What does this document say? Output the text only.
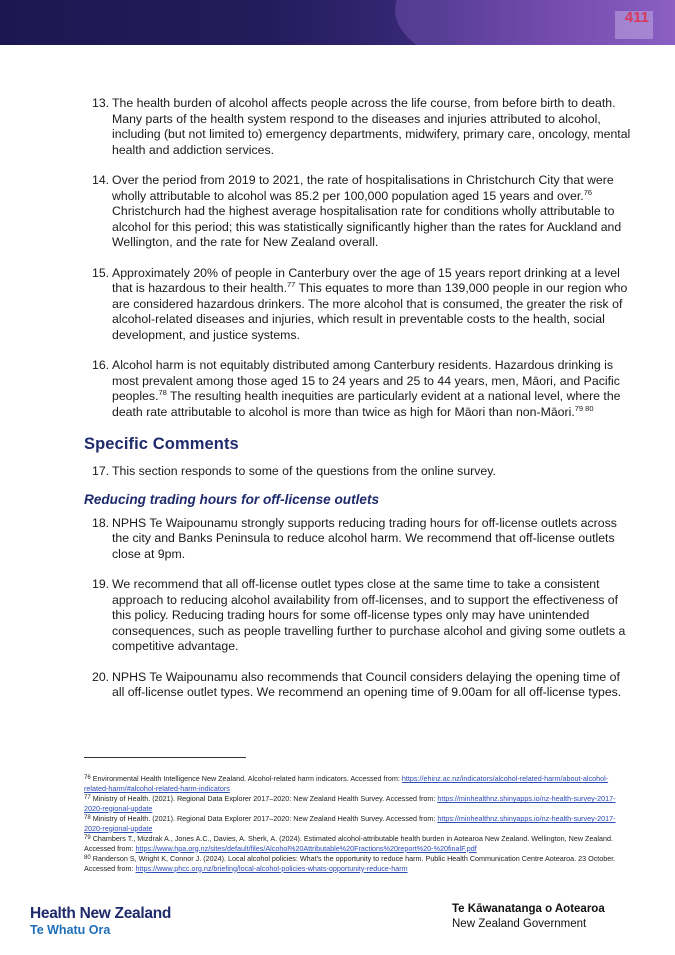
411
13. The health burden of alcohol affects people across the life course, from before birth to death. Many parts of the health system respond to the diseases and injuries attributed to alcohol, including (but not limited to) emergency departments, midwifery, primary care, oncology, mental health and addiction services.
14. Over the period from 2019 to 2021, the rate of hospitalisations in Christchurch City that were wholly attributable to alcohol was 85.2 per 100,000 population aged 15 years and over.$^{76}$ Christchurch had the highest average hospitalisation rate for conditions wholly attributable to alcohol for this period; this was statistically significantly higher than the rates for Auckland and Wellington, and the rate for New Zealand overall.
15. Approximately 20% of people in Canterbury over the age of 15 years report drinking at a level that is hazardous to their health.$^{77}$ This equates to more than 139,000 people in our region who are considered hazardous drinkers. The more alcohol that is consumed, the greater the risk of alcohol-related diseases and injuries, which result in preventable costs to the health, social development, and justice systems.
16. Alcohol harm is not equitably distributed among Canterbury residents. Hazardous drinking is most prevalent among those aged 15 to 24 years and 25 to 44 years, men, Māori, and Pacific peoples.$^{78}$ The resulting health inequities are particularly evident at a national level, where the death rate attributable to alcohol is more than twice as high for Māori than non-Māori.$^{79 80}$
Specific Comments
17. This section responds to some of the questions from the online survey.
Reducing trading hours for off-license outlets
18. NPHS Te Waipounamu strongly supports reducing trading hours for off-license outlets across the city and Banks Peninsula to reduce alcohol harm. We recommend that off-license outlets close at 9pm.
19. We recommend that all off-license outlet types close at the same time to take a consistent approach to reducing alcohol availability from off-licenses, and to support the effectiveness of this policy. Reducing trading hours for some off-license types only may have unintended consequences, such as people travelling further to purchase alcohol and giving some outlets a competitive advantage.
20. NPHS Te Waipounamu also recommends that Council considers delaying the opening time of all off-license outlet types. We recommend an opening time of 9.00am for all off-license types.
$^{76}$ Environmental Health Intelligence New Zealand. Alcohol-related harm indicators. Accessed from: https://ehinz.ac.nz/indicators/alcohol-related-harm/about-alcohol-related-harm/#alcohol-related-harm-indicators
$^{77}$ Ministry of Health. (2021). Regional Data Explorer 2017–2020: New Zealand Health Survey. Accessed from: https://minhealthnz.shinyapps.io/nz-health-survey-2017-2020-regional-update
$^{78}$ Ministry of Health. (2021). Regional Data Explorer 2017–2020: New Zealand Health Survey. Accessed from: https://minhealthnz.shinyapps.io/nz-health-survey-2017-2020-regional-update
$^{79}$ Chambers T., Mizdrak A., Jones A.C., Davies, A. Sherk, A. (2024). Estimated alcohol-attributable health burden in Aotearoa New Zealand. Wellington, New Zealand. Accessed from: https://www.hpa.org.nz/sites/default/files/Alcohol%20Attributable%20Fractions%20report%20-%20finalF.pdf
$^{80}$ Randerson S, Wright K, Connor J. (2024). Local alcohol policies: What's the opportunity to reduce harm. Public Health Communication Centre Aotearoa. 23 October. Accessed from: https://www.phcc.org.nz/briefing/local-alcohol-policies-whats-opportunity-reduce-harm
Health New Zealand
Te Whatu Ora
Te Kāwanatanga o Aotearoa
New Zealand Government
